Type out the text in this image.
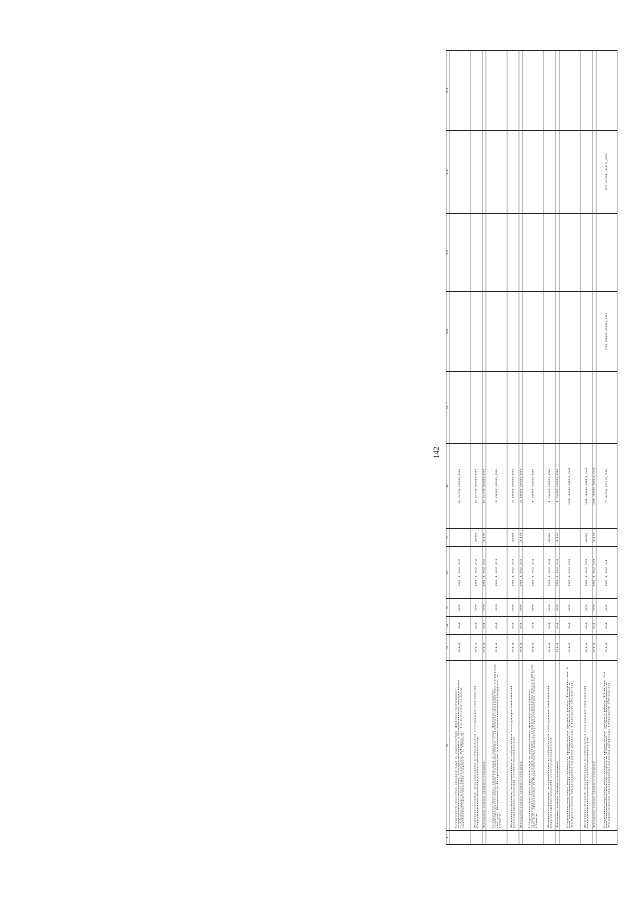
142
1	2	3	4	5	6	7	8	9	10	11	12	13
	Строительство подъезда к крытому физкультурно-оздоровительному сооружению (Хоккейная академия "Авангард") по проспекту Мира, д. 1а в Советском административном округе, г. Омск	014	04	09	08 1 02 22		6 579 000,00					
	Капитальные вложения в объекты государственной (муниципальной) собственности	014	04	09	08 1 02 22	400	6 579 000,00					
	Бюджетные инвестиции	014	04	09	08 1 02 22	410	6 579 000,00					
	Строительство подъезда к крытому физкультурно-оздоровительному сооружению с плавательным бассейном по ул. Конева в Кировском административном округе, г. Омск	014	04	09	08 1 02 23		2 000 000,00					
	Капитальные вложения в объекты государственной (муниципальной) собственности	014	04	09	08 1 02 23	400	2 000 000,00					
	Бюджетные инвестиции	014	04	09	08 1 02 23	410	2 000 000,00					
	Строительство подъезда к крытому физкультурно-оздоровительному сооружению с плавательным бассейном по ул. Дианова в Кировском административном округе, г. Омск	014	04	09	08 1 02 24		1 500 000,00					
	Капитальные вложения в объекты государственной (муниципальной) собственности	014	04	09	08 1 02 24	400	1 500 000,00					
	Бюджетные инвестиции	014	04	09	08 1 02 24	410	1 500 000,00					
	Строительство мостового перехода через реку Тевриз на 1 км автомобильной дороги Тевриз – Александровка в Тевризском муниципальном районе Омской области	014	04	09	08 1 02 29		38 466 883,50					
	Капитальные вложения в объекты государственной (муниципальной) собственности	014	04	09	08 1 02 29	400	38 466 883,50					
	Бюджетные инвестиции	014	04	09	08 1 02 29	410	38 466 883,50					
	Строительство мостового перехода через реку Туй на 53 км автомобильной дороги Тевриз – Александровка в Тевризском муниципальном районе Омской области	014	04	09	08 1 02 31		7 476 075,58		70 000 000,00		27 631 415,00	
